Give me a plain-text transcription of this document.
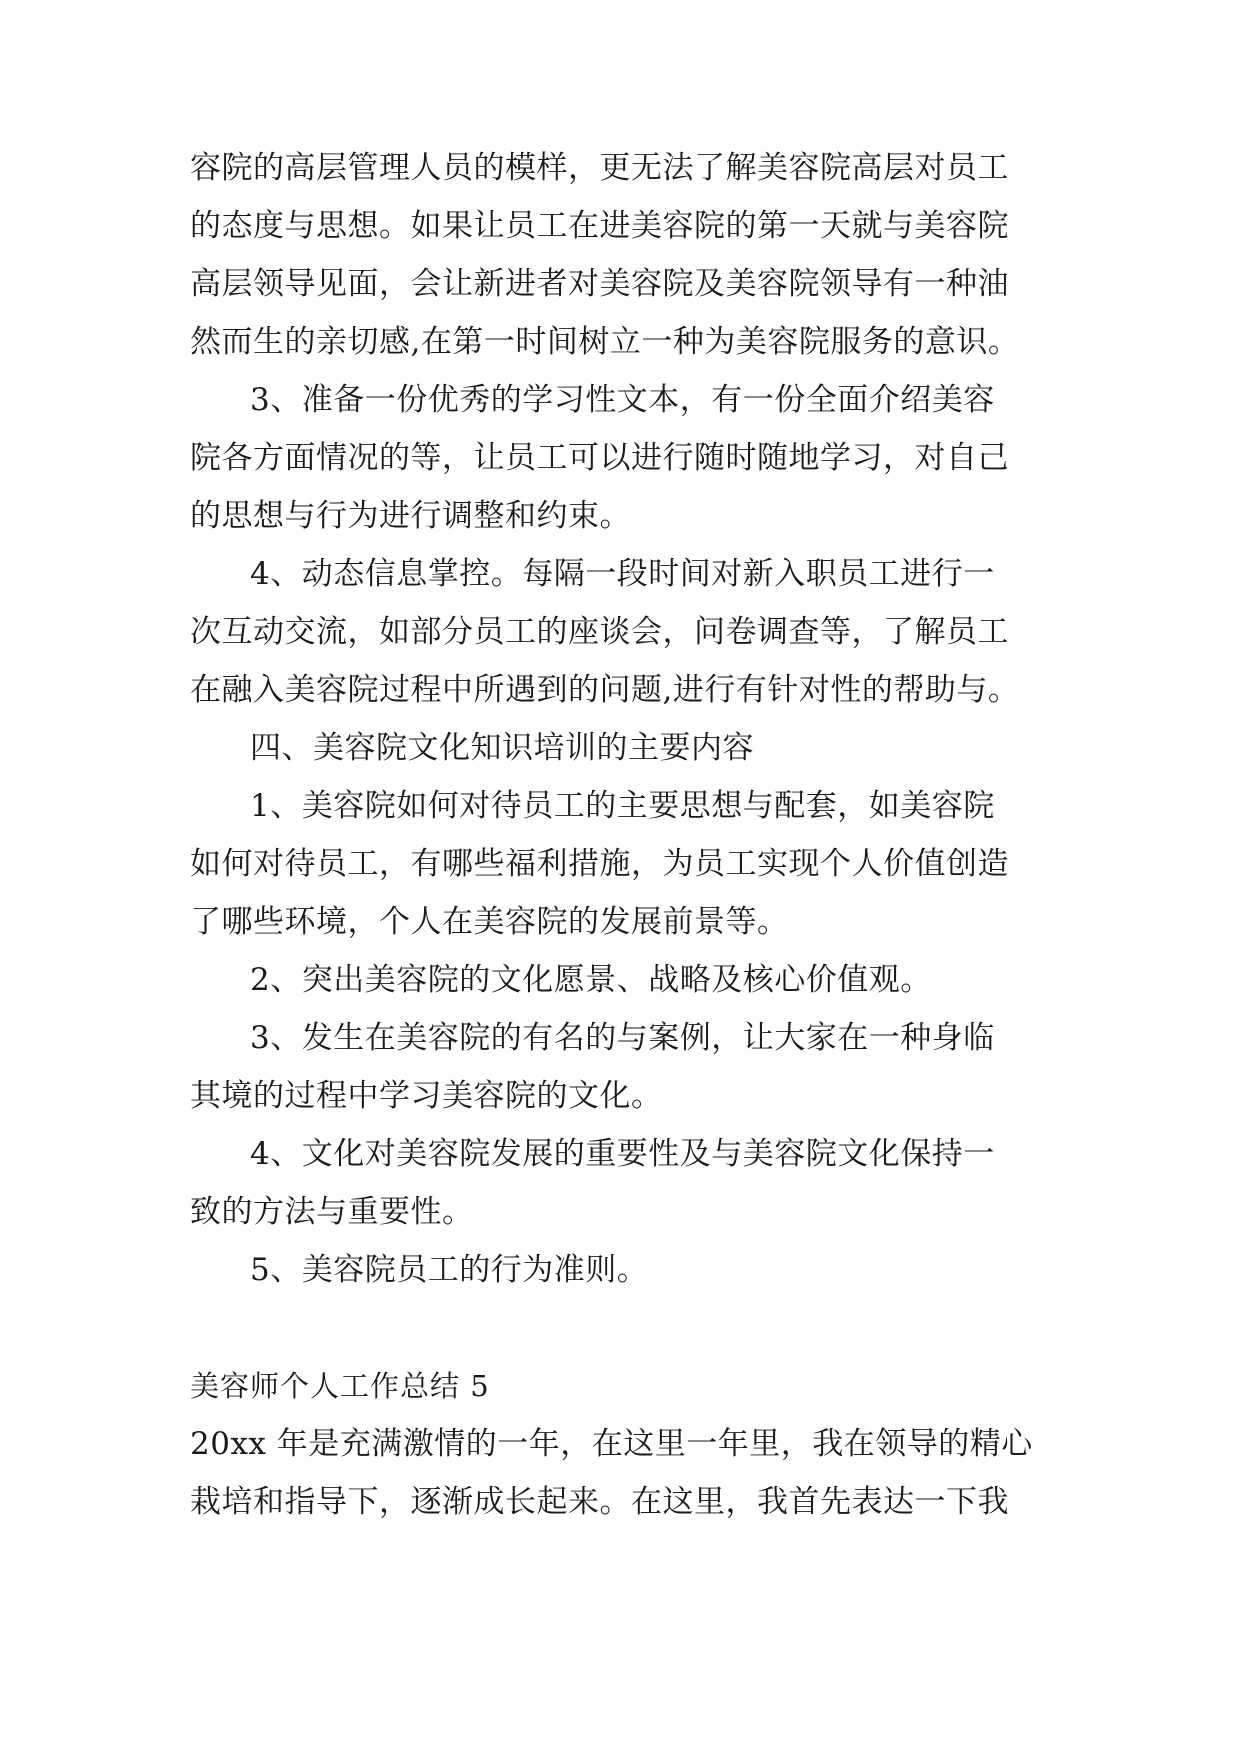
容院的高层管理人员的模样，更无法了解美容院高层对员工
的态度与思想。如果让员工在进美容院的第一天就与美容院
高层领导见面，会让新进者对美容院及美容院领导有一种油
然而生的亲切感,在第一时间树立一种为美容院服务的意识。
3、准备一份优秀的学习性文本，有一份全面介绍美容
院各方面情况的等，让员工可以进行随时随地学习，对自己
的思想与行为进行调整和约束。
4、动态信息掌控。每隔一段时间对新入职员工进行一
次互动交流，如部分员工的座谈会，问卷调查等，了解员工
在融入美容院过程中所遇到的问题,进行有针对性的帮助与。
四、美容院文化知识培训的主要内容
1、美容院如何对待员工的主要思想与配套，如美容院
如何对待员工，有哪些福利措施，为员工实现个人价值创造
了哪些环境，个人在美容院的发展前景等。
2、突出美容院的文化愿景、战略及核心价值观。
3、发生在美容院的有名的与案例，让大家在一种身临
其境的过程中学习美容院的文化。
4、文化对美容院发展的重要性及与美容院文化保持一
致的方法与重要性。
5、美容院员工的行为准则。
美容师个人工作总结 5
20xx 年是充满激情的一年，在这里一年里，我在领导的精心
栽培和指导下，逐渐成长起来。在这里，我首先表达一下我
